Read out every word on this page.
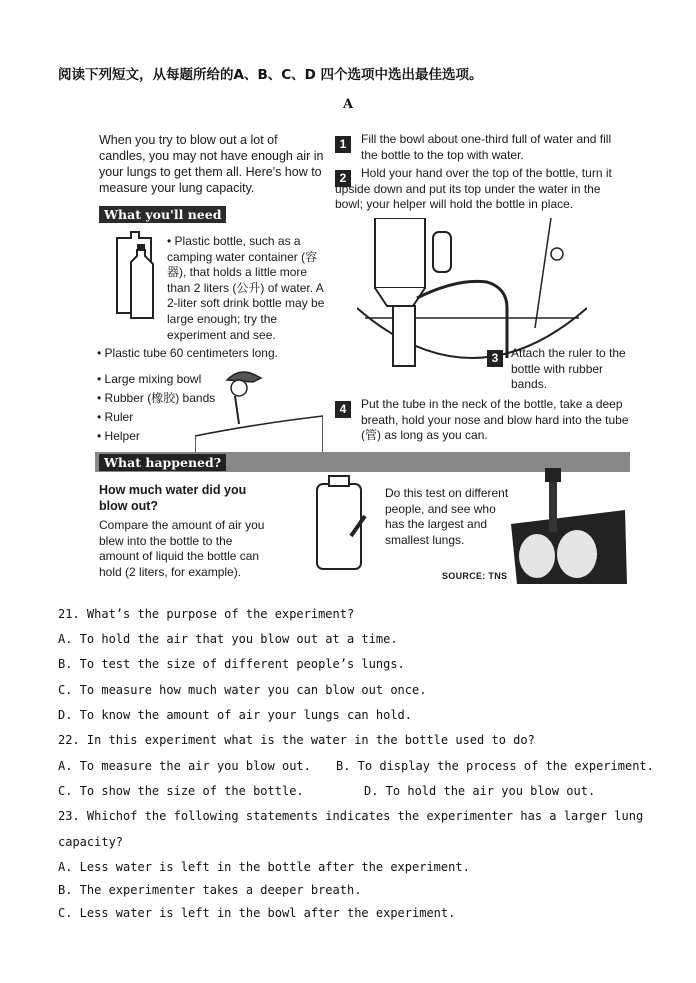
阅读下列短文，从每题所给的A、B、C、D 四个选项中选出最佳选项。
A
When you try to blow out a lot of candles, you may not have enough air in your lungs to get them all. Here's how to measure your lung capacity.
What you'll need
• Plastic bottle, such as a camping water container (容器), that holds a little more than 2 liters (公升) of water. A 2-liter soft drink bottle may be large enough; try the experiment and see.
• Plastic tube 60 centimeters long.
• Large mixing bowl
• Rubber (橡胶) bands
• Ruler
• Helper
1	Fill the bowl about one-third full of water and fill the bottle to the top with water.
2	Hold your hand over the top of the bottle, turn it upside down and put its top under the water in the bowl; your helper will hold the bottle in place.
3	Attach the ruler to the bottle with rubber bands.
4	Put the tube in the neck of the bottle, take a deep breath, hold your nose and blow hard into the tube (管) as long as you can.
What happened?
How much water did you blow out?
Compare the amount of air you blew into the bottle to the amount of liquid the bottle can hold (2 liters, for example).
Do this test on different people, and see who has the largest and smallest lungs.
SOURCE: TNS
21. What’s the purpose of the experiment?
A. To hold the air that you blow out at a time.
B. To test the size of different people’s lungs.
C. To measure how much water you can blow out once.
D. To know the amount of air your lungs can hold.
22. In this experiment what is the water in the bottle used to do?
A. To measure the air you blow out. B. To display the process of the experiment.
C. To show the size of the bottle.	D. To hold the air you blow out.
23. Whichof the following statements indicates the experimenter has a larger lung
capacity?
A. Less water is left in the bottle after the experiment.
B. The experimenter takes a deeper breath.
C. Less water is left in the bowl after the experiment.
